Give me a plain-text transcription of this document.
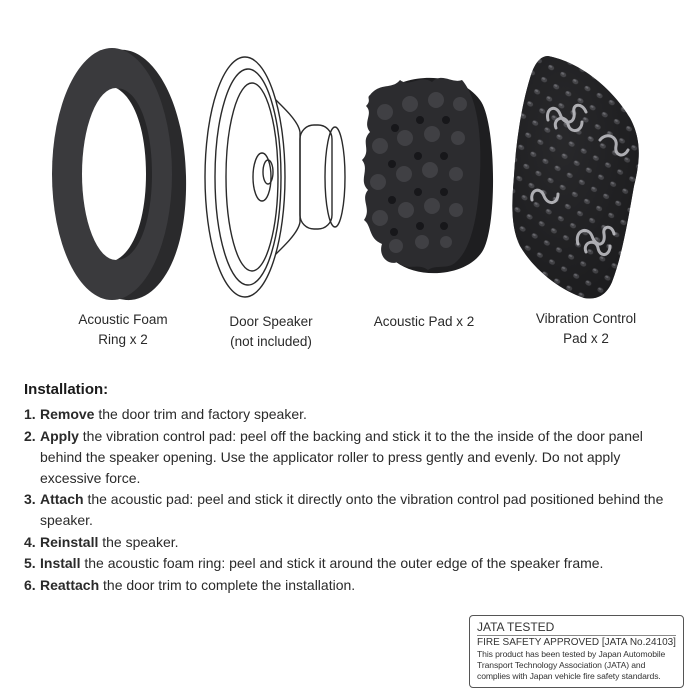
Acoustic Foam
Ring x 2
Door Speaker
(not included)
Acoustic Pad x 2	Vibration Control
Pad x 2
Installation:
1. Remove the door trim and factory speaker.
2. Apply the vibration control pad: peel off the backing and stick it to the the inside of the door panel behind the speaker opening. Use the applicator roller to press gently and evenly. Do not apply excessive force.
3. Attach the acoustic pad: peel and stick it directly onto the vibration control pad positioned behind the speaker.
4. Reinstall the speaker.
5. Install the acoustic foam ring: peel and stick it around the outer edge of the speaker frame.
6. Reattach the door trim to complete the installation.
JATA TESTED
FIRE SAFETY APPROVED [JATA No.24103]
This product has been tested by Japan Automobile Transport Technology Association (JATA) and complies with Japan vehicle fire safety standards.
